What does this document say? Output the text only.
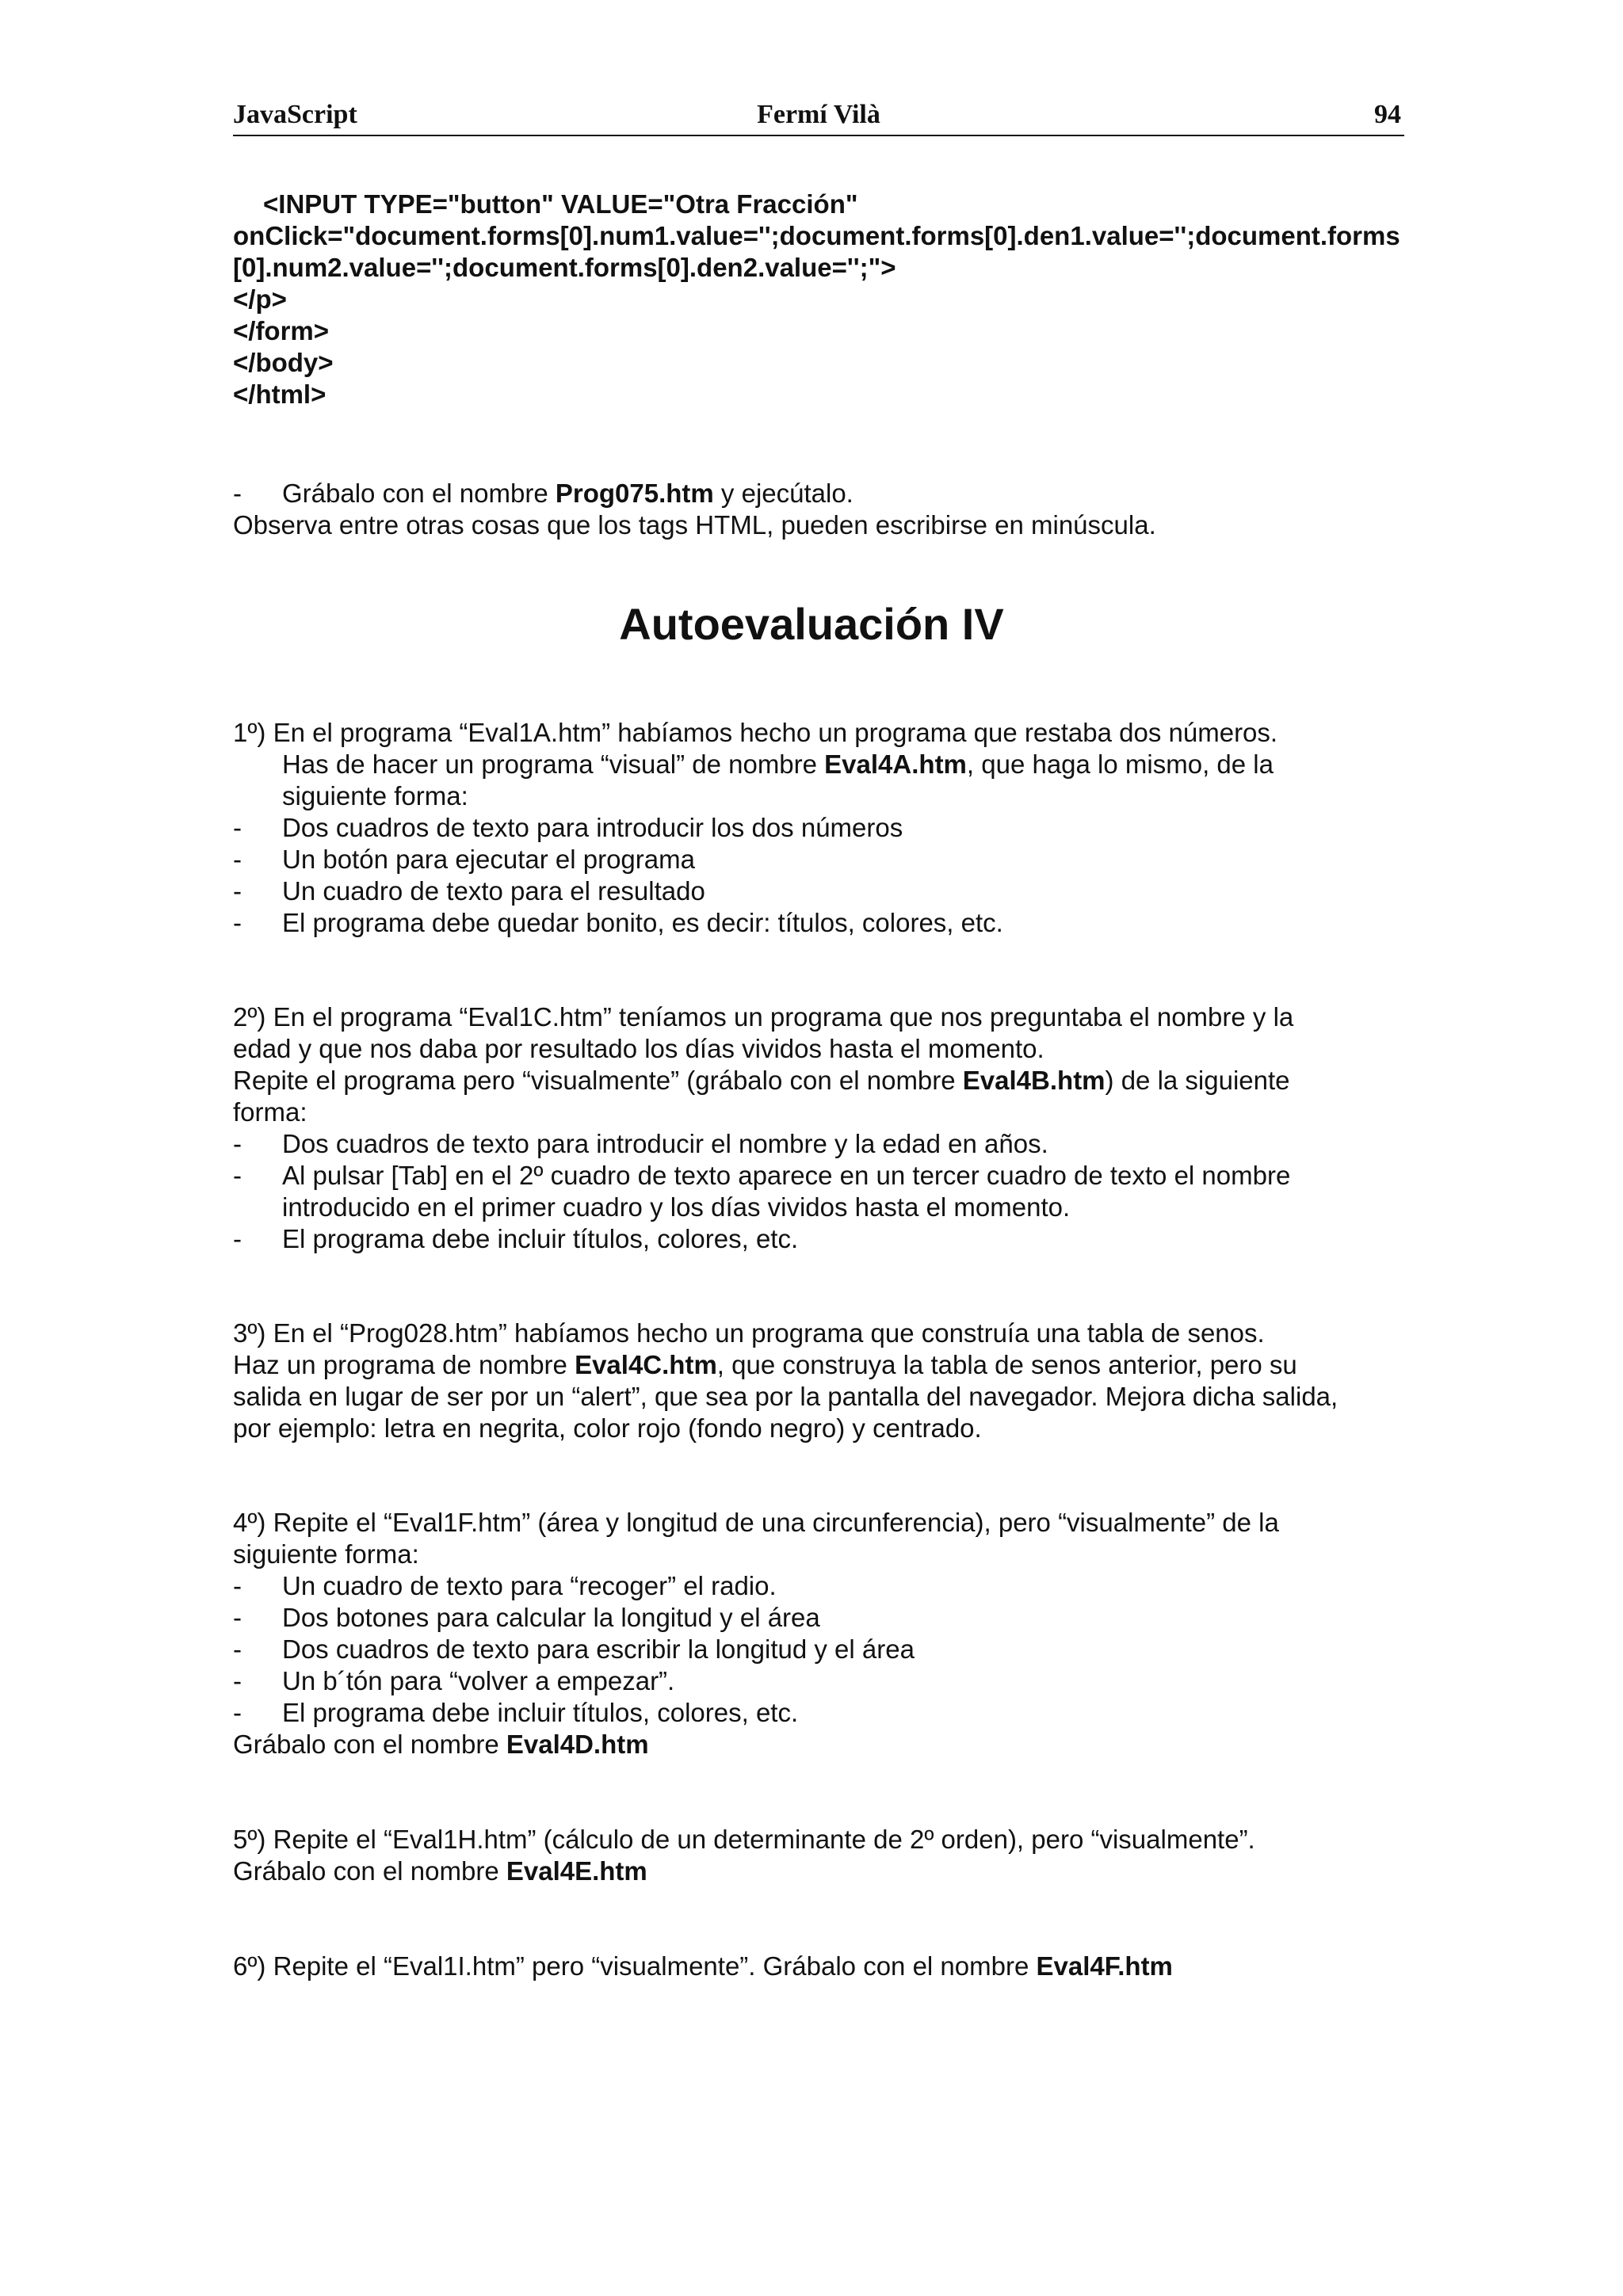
JavaScript	Fermí Vilà	94

<INPUT TYPE="button" VALUE="Otra Fracción"

onClick="document.forms[0].num1.value='';document.forms[0].den1.value='';document.forms[0].num2.value='';document.forms[0].den2.value='';">

</p>

</form>

</body>

</html>

- Grábalo con el nombre Prog075.htm y ejecútalo.

Observa entre otras cosas que los tags HTML, pueden escribirse en minúscula.

Autoevaluación IV

1º) En el programa “Eval1A.htm” habíamos hecho un programa que restaba dos números.

Has de hacer un programa “visual” de nombre Eval4A.htm, que haga lo mismo, de la

siguiente forma:

- Dos cuadros de texto para introducir los dos números

- Un botón para ejecutar el programa

- Un cuadro de texto para el resultado

- El programa debe quedar bonito, es decir: títulos, colores, etc.

2º) En el programa “Eval1C.htm” teníamos un programa que nos preguntaba el nombre y la

edad y que nos daba por resultado los días vividos hasta el momento.

Repite el programa pero “visualmente” (grábalo con el nombre Eval4B.htm) de la siguiente

forma:

- Dos cuadros de texto para introducir el nombre y la edad en años.

- Al pulsar [Tab] en el 2º cuadro de texto aparece en un tercer cuadro de texto el nombre

introducido en el primer cuadro y los días vividos hasta el momento.

- El programa debe incluir títulos, colores, etc.

3º) En el “Prog028.htm” habíamos hecho un programa que construía una tabla de senos.

Haz un programa de nombre Eval4C.htm, que construya la tabla de senos anterior, pero su

salida en lugar de ser por un “alert”, que sea por la pantalla del navegador. Mejora dicha salida,

por ejemplo: letra en negrita, color rojo (fondo negro) y centrado.

4º) Repite el “Eval1F.htm” (área y longitud de una circunferencia), pero “visualmente” de la

siguiente forma:

- Un cuadro de texto para “recoger” el radio.

- Dos botones para calcular la longitud y el área

- Dos cuadros de texto para escribir la longitud y el área

- Un b´tón para “volver a empezar”.

- El programa debe incluir títulos, colores, etc.

Grábalo con el nombre Eval4D.htm

5º) Repite el “Eval1H.htm” (cálculo de un determinante de 2º orden), pero “visualmente”.

Grábalo con el nombre Eval4E.htm

6º) Repite el “Eval1I.htm” pero “visualmente”. Grábalo con el nombre Eval4F.htm
